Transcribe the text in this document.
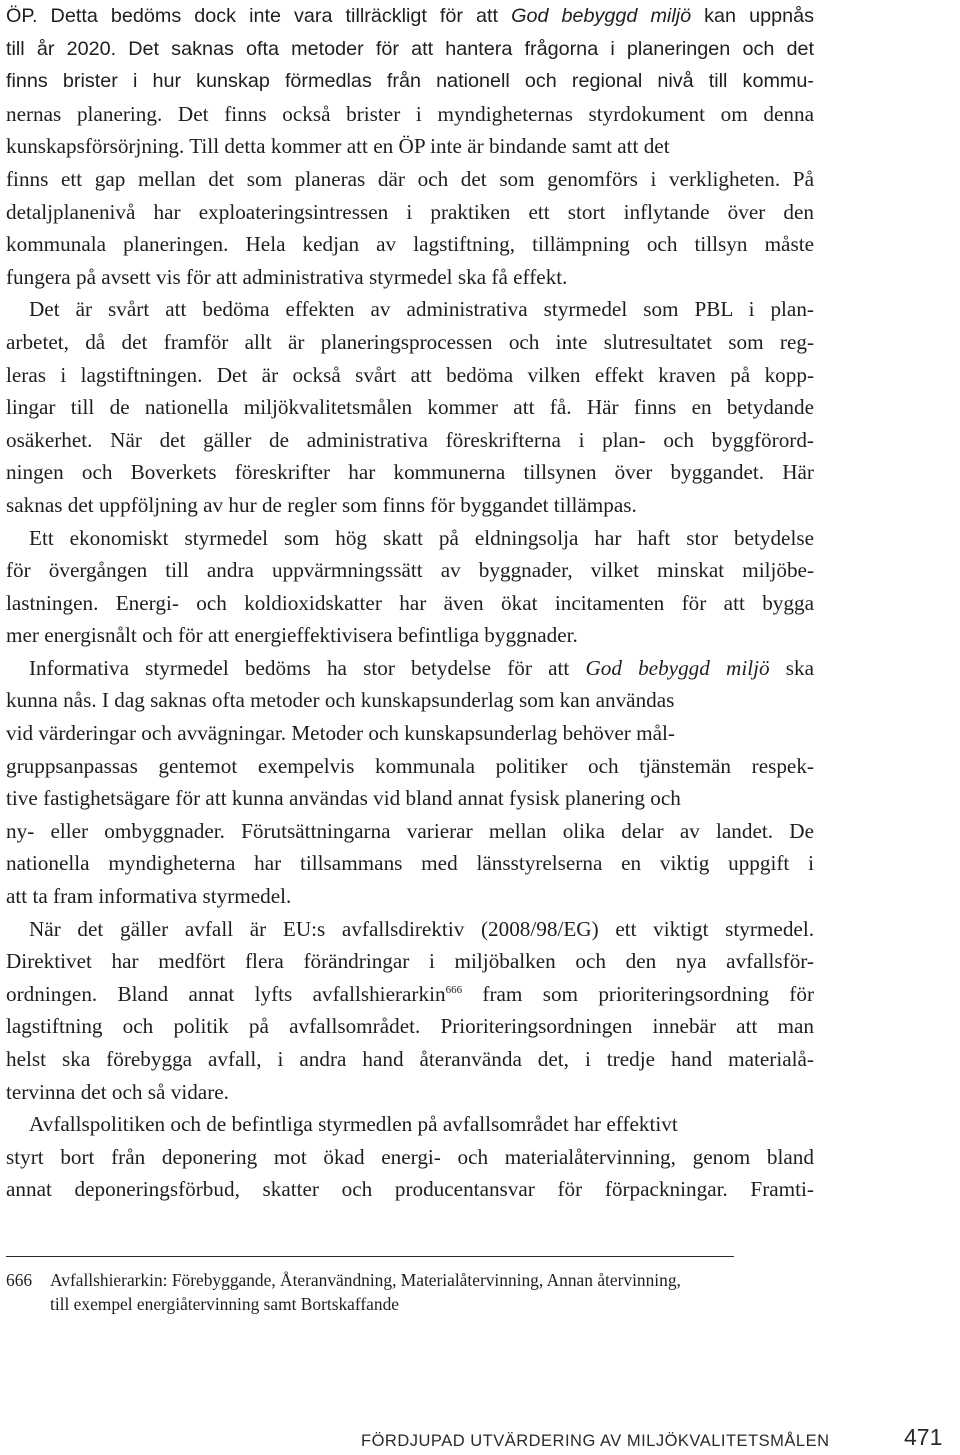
ÖP. Detta bedöms dock inte vara tillräckligt för att God bebyggd miljö kan uppnås
till år 2020. Det saknas ofta metoder för att hantera frågorna i planeringen och det
finns brister i hur kunskap förmedlas från nationell och regional nivå till kommu-
nernas planering. Det finns också brister i myndigheternas styrdokument om denna
kunskapsförsörjning. Till detta kommer att en ÖP inte är bindande samt att det
finns ett gap mellan det som planeras där och det som genomförs i verkligheten. På
detaljplanenivå har exploateringsintressen i praktiken ett stort inflytande över den
kommunala planeringen. Hela kedjan av lagstiftning, tillämpning och tillsyn måste
fungera på avsett vis för att administrativa styrmedel ska få effekt.
Det är svårt att bedöma effekten av administrativa styrmedel som PBL i plan-
arbetet, då det framför allt är planeringsprocessen och inte slutresultatet som reg-
leras i lagstiftningen. Det är också svårt att bedöma vilken effekt kraven på kopp-
lingar till de nationella miljökvalitetsmålen kommer att få. Här finns en betydande
osäkerhet. När det gäller de administrativa föreskrifterna i plan- och byggförord-
ningen och Boverkets föreskrifter har kommunerna tillsynen över byggandet. Här
saknas det uppföljning av hur de regler som finns för byggandet tillämpas.
Ett ekonomiskt styrmedel som hög skatt på eldningsolja har haft stor betydelse
för övergången till andra uppvärmningssätt av byggnader, vilket minskat miljöbe-
lastningen. Energi- och koldioxidskatter har även ökat incitamenten för att bygga
mer energisnålt och för att energieffektivisera befintliga byggnader.
Informativa styrmedel bedöms ha stor betydelse för att God bebyggd miljö ska
kunna nås. I dag saknas ofta metoder och kunskapsunderlag som kan användas
vid värderingar och avvägningar. Metoder och kunskapsunderlag behöver mål-
gruppsanpassas gentemot exempelvis kommunala politiker och tjänstemän respek-
tive fastighetsägare för att kunna användas vid bland annat fysisk planering och
ny- eller ombyggnader. Förutsättningarna varierar mellan olika delar av landet. De
nationella myndigheterna har tillsammans med länsstyrelserna en viktig uppgift i
att ta fram informativa styrmedel.
När det gäller avfall är EU:s avfallsdirektiv (2008/98/EG) ett viktigt styrmedel.
Direktivet har medfört flera förändringar i miljöbalken och den nya avfallsför-
ordningen. Bland annat lyfts avfallshierarkin$^{666}$ fram som prioriteringsordning för
lagstiftning och politik på avfallsområdet. Prioriteringsordningen innebär att man
helst ska förebygga avfall, i andra hand återanvända det, i tredje hand materialå-
tervinna det och så vidare.
Avfallspolitiken och de befintliga styrmedlen på avfallsområdet har effektivt
styrt bort från deponering mot ökad energi- och materialåtervinning, genom bland
annat deponeringsförbud, skatter och producentansvar för förpackningar. Framti-
666 Avfallshierarkin: Förebyggande, Återanvändning, Materialåtervinning, Annan återvinning,
till exempel energiåtervinning samt Bortskaffande
FÖRDJUPAD UTVÄRDERING AV MILJÖKVALITETSMÅLEN	471
